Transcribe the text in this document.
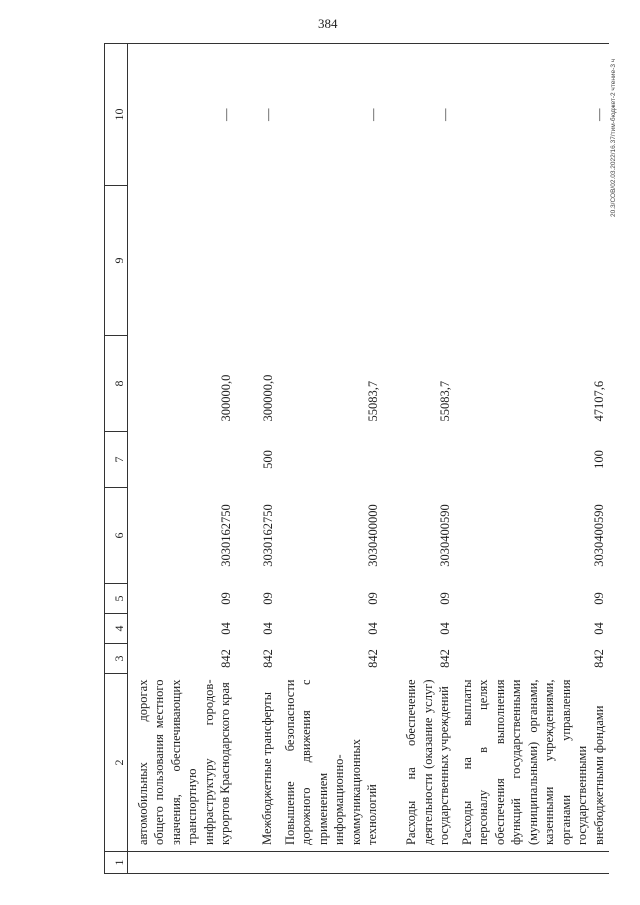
384
20.3/СОВ/02.03.2022/16.37/тим-бюджет-2 чтение-3 ч
1	2	3	4	5	6	7	8	9	10
	автомобильных дорогах общего пользования местного значения, обеспечивающих транспортную инфраструктуру городов-курортов Краснодарского края	842	04	09	3030162750		300000,0		—
	Межбюджетные трансферты	842	04	09	3030162750	500	300000,0		—
	Повышение безопасности дорожного движения с применением информационно-коммуникационных технологий	842	04	09	3030400000		55083,7		—
	Расходы на обеспечение деятельности (оказание услуг) государственных учреждений	842	04	09	3030400590		55083,7		—
	Расходы на выплаты персоналу в целях обеспечения выполнения функций государственными (муниципальными) органами, казенными учреждениями, органами управления государственными внебюджетными фондами	842	04	09	3030400590	100	47107,6		—
